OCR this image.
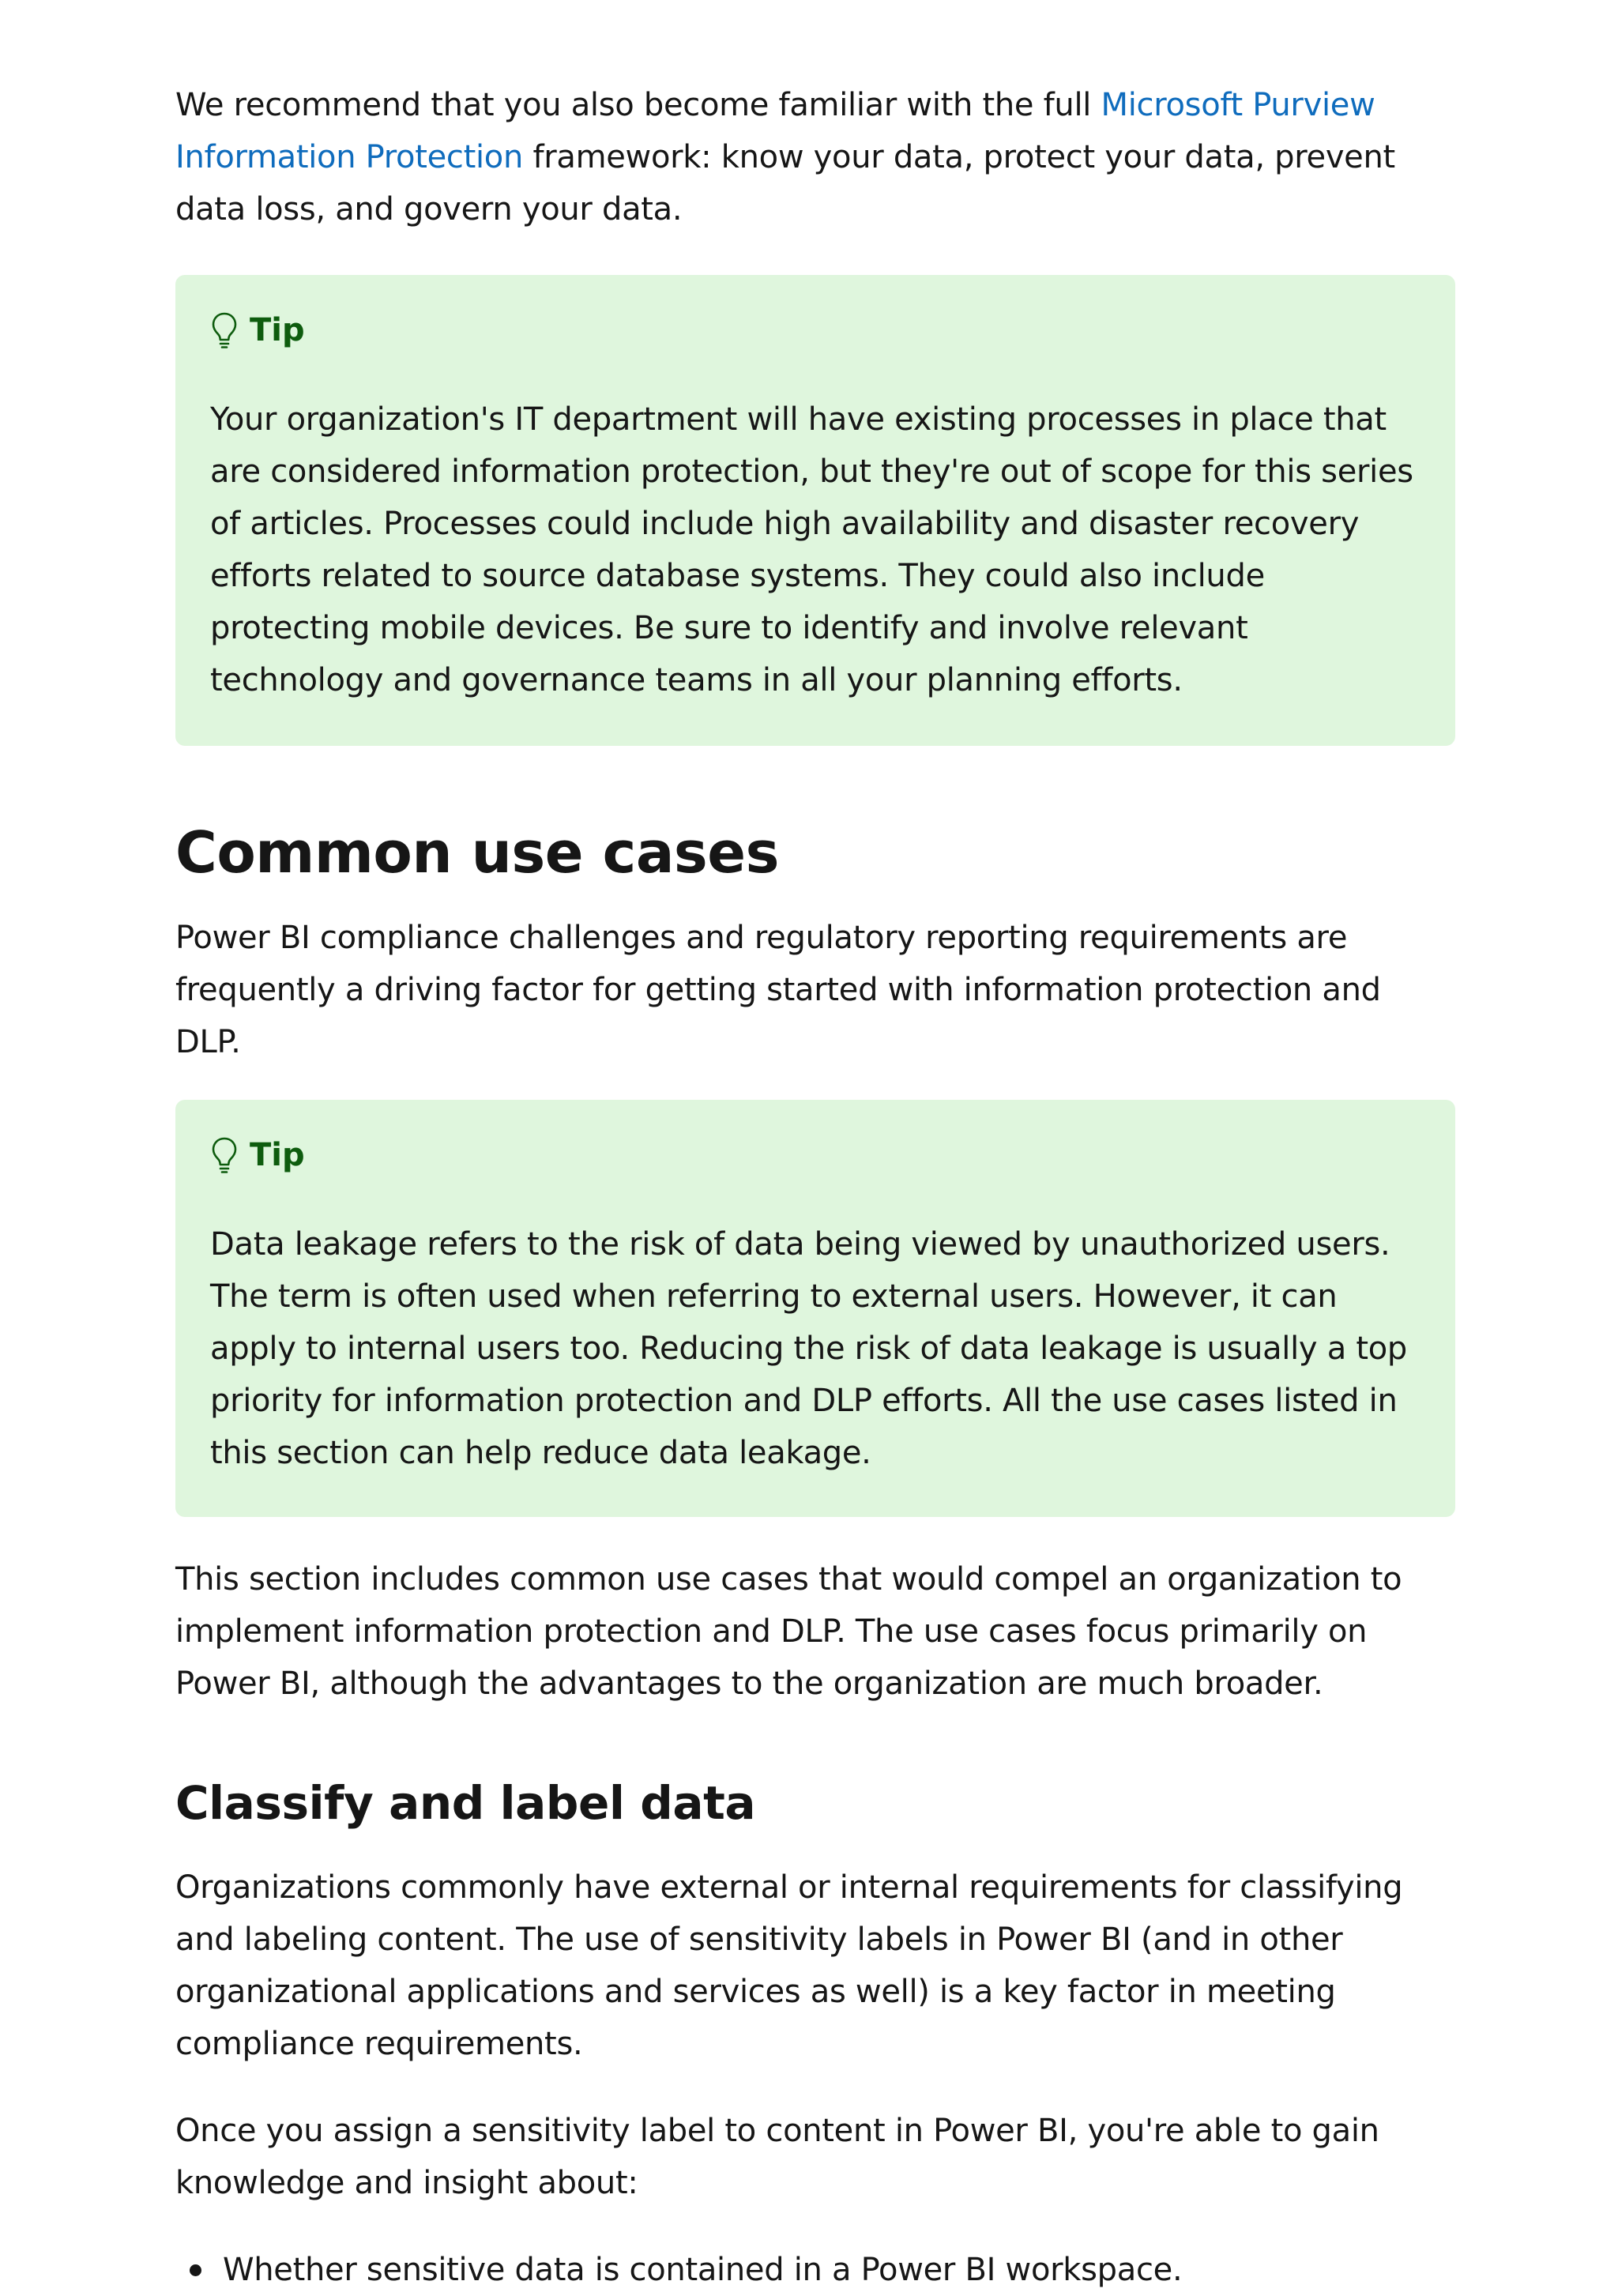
We recommend that you also become familiar with the full Microsoft Purview Information Protection framework: know your data, protect your data, prevent data loss, and govern your data.

Tip

Your organization's IT department will have existing processes in place that are considered information protection, but they're out of scope for this series of articles. Processes could include high availability and disaster recovery efforts related to source database systems. They could also include protecting mobile devices. Be sure to identify and involve relevant technology and governance teams in all your planning efforts.

Common use cases

Power BI compliance challenges and regulatory reporting requirements are frequently a driving factor for getting started with information protection and DLP.

Tip

Data leakage refers to the risk of data being viewed by unauthorized users. The term is often used when referring to external users. However, it can apply to internal users too. Reducing the risk of data leakage is usually a top priority for information protection and DLP efforts. All the use cases listed in this section can help reduce data leakage.

This section includes common use cases that would compel an organization to implement information protection and DLP. The use cases focus primarily on Power BI, although the advantages to the organization are much broader.

Classify and label data

Organizations commonly have external or internal requirements for classifying and labeling content. The use of sensitivity labels in Power BI (and in other organizational applications and services as well) is a key factor in meeting compliance requirements.

Once you assign a sensitivity label to content in Power BI, you're able to gain knowledge and insight about:

Whether sensitive data is contained in a Power BI workspace.
